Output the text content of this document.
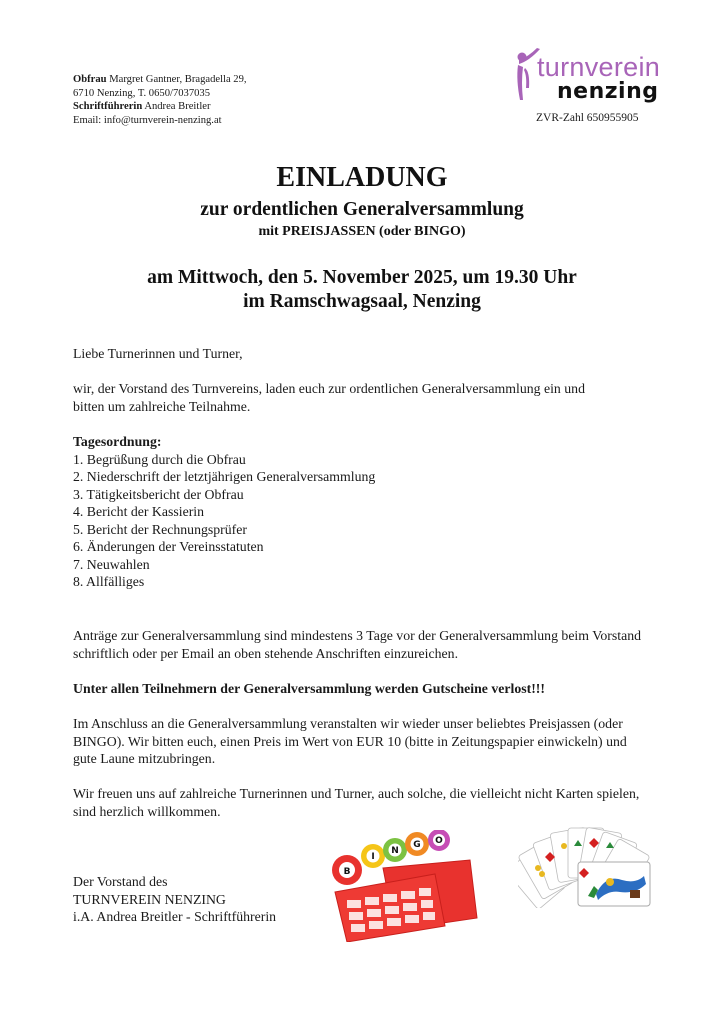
Obfrau Margret Gantner, Bragadella 29,
6710 Nenzing, T. 0650/7037035
Schriftführerin Andrea Breitler
Email: info@turnverein-nenzing.at
turnverein
nenzing
ZVR-Zahl 650955905
EINLADUNG
zur ordentlichen Generalversammlung
mit PREISJASSEN (oder BINGO)
am Mittwoch, den 5. November 2025, um 19.30 Uhr
im Ramschwagsaal, Nenzing
Liebe Turnerinnen und Turner,
wir, der Vorstand des Turnvereins, laden euch zur ordentlichen Generalversammlung ein und
bitten um zahlreiche Teilnahme.
Tagesordnung:
1. Begrüßung durch die Obfrau
2. Niederschrift der letztjährigen Generalversammlung
3. Tätigkeitsbericht der Obfrau
4. Bericht der Kassierin
5. Bericht der Rechnungsprüfer
6. Änderungen der Vereinsstatuten
7. Neuwahlen
8. Allfälliges
Anträge zur Generalversammlung sind mindestens 3 Tage vor der Generalversammlung beim Vorstand
schriftlich oder per Email an oben stehende Anschriften einzureichen.
Unter allen Teilnehmern der Generalversammlung werden Gutscheine verlost!!!
Im Anschluss an die Generalversammlung veranstalten wir wieder unser beliebtes Preisjassen (oder
BINGO). Wir bitten euch, einen Preis im Wert von EUR 10 (bitte in Zeitungspapier einwickeln) und
gute Laune mitzubringen.
Wir freuen uns auf zahlreiche Turnerinnen und Turner, auch solche, die vielleicht nicht Karten spielen,
sind herzlich willkommen.
Der Vorstand des
TURNVEREIN NENZING
i.A. Andrea Breitler - Schriftführerin
B
I
N
G O
